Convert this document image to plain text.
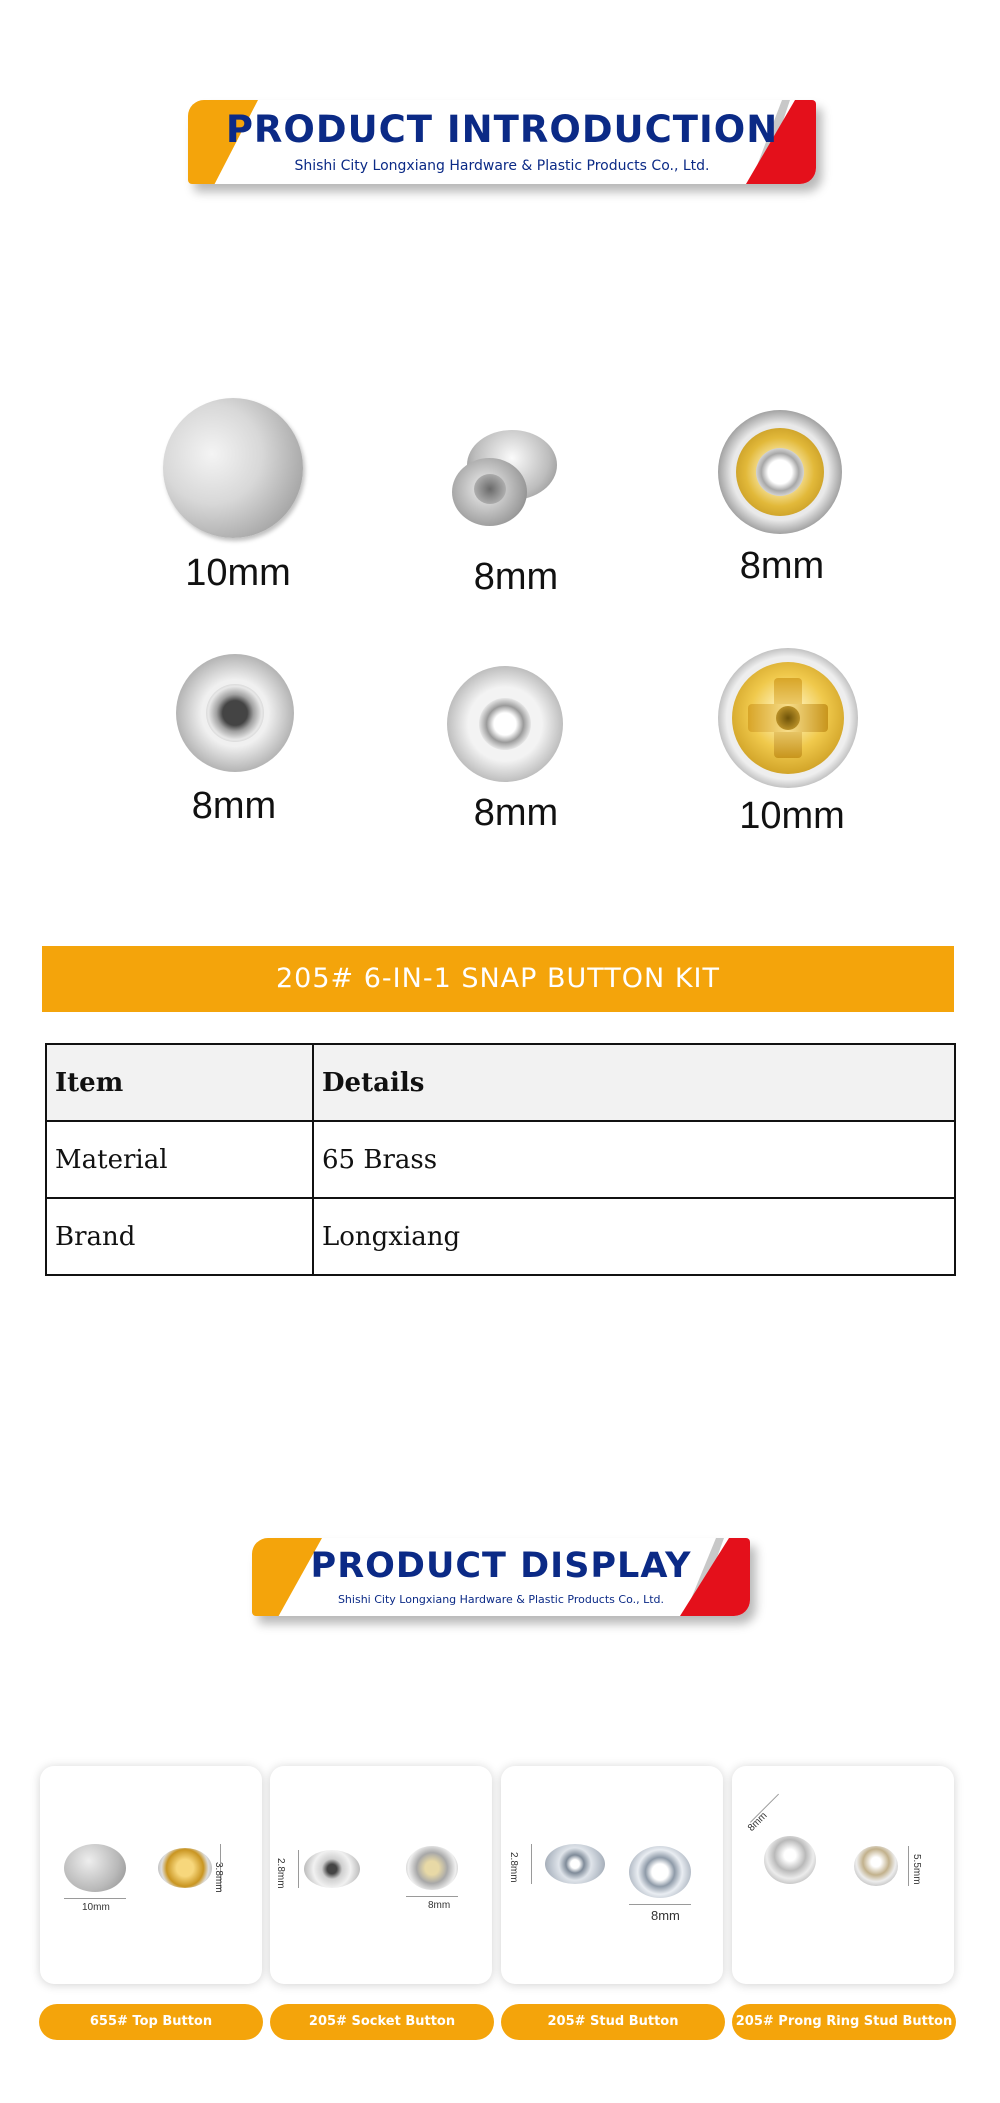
PRODUCT INTRODUCTION
Shishi City Longxiang Hardware & Plastic Products Co., Ltd.
10mm	8mm	8mm
8mm	8mm	10mm
205# 6-IN-1 SNAP BUTTON KIT
Item	Details
Material	65 Brass
Brand	Longxiang
PRODUCT DISPLAY
Shishi City Longxiang Hardware & Plastic Products Co., Ltd.
10mm
3.8mm
655# Top Button
2.8mm
8mm
205# Socket Button
2.8mm
8mm
205# Stud Button
8mm
5.5mm
205# Prong Ring Stud Button
